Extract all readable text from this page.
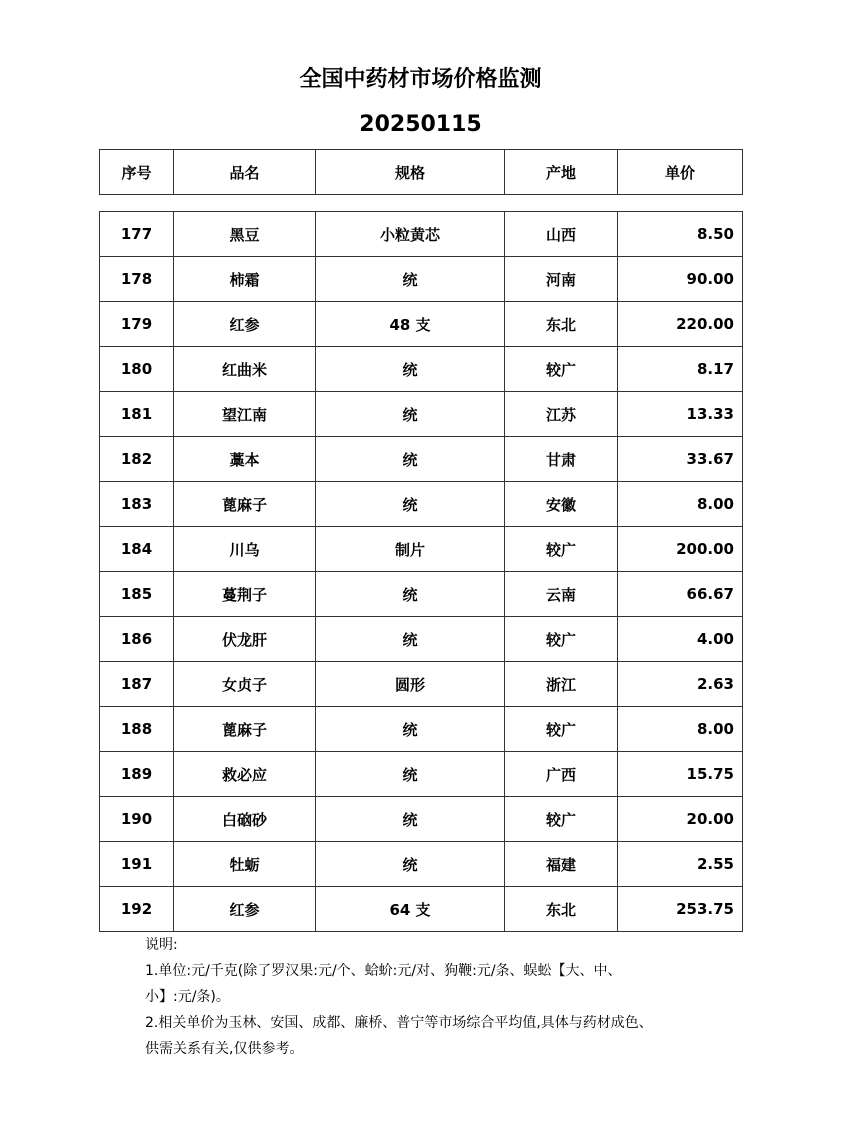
全国中药材市场价格监测
20250115
序号	品名	规格	产地	单价
177	黑豆	小粒黄芯	山西	8.50
178	柿霜	统	河南	90.00
179	红参	48 支	东北	220.00
180	红曲米	统	较广	8.17
181	望江南	统	江苏	13.33
182	藁本	统	甘肃	33.67
183	蓖麻子	统	安徽	8.00
184	川乌	制片	较广	200.00
185	蔓荆子	统	云南	66.67
186	伏龙肝	统	较广	4.00
187	女贞子	圆形	浙江	2.63
188	蓖麻子	统	较广	8.00
189	救必应	统	广西	15.75
190	白硇砂	统	较广	20.00
191	牡蛎	统	福建	2.55
192	红参	64 支	东北	253.75

说明:

1.单位:元/千克(除了罗汉果:元/个、蛤蚧:元/对、狗鞭:元/条、蜈蚣【大、中、

小】:元/条)。

2.相关单价为玉林、安国、成都、廉桥、普宁等市场综合平均值,具体与药材成色、

供需关系有关,仅供参考。
